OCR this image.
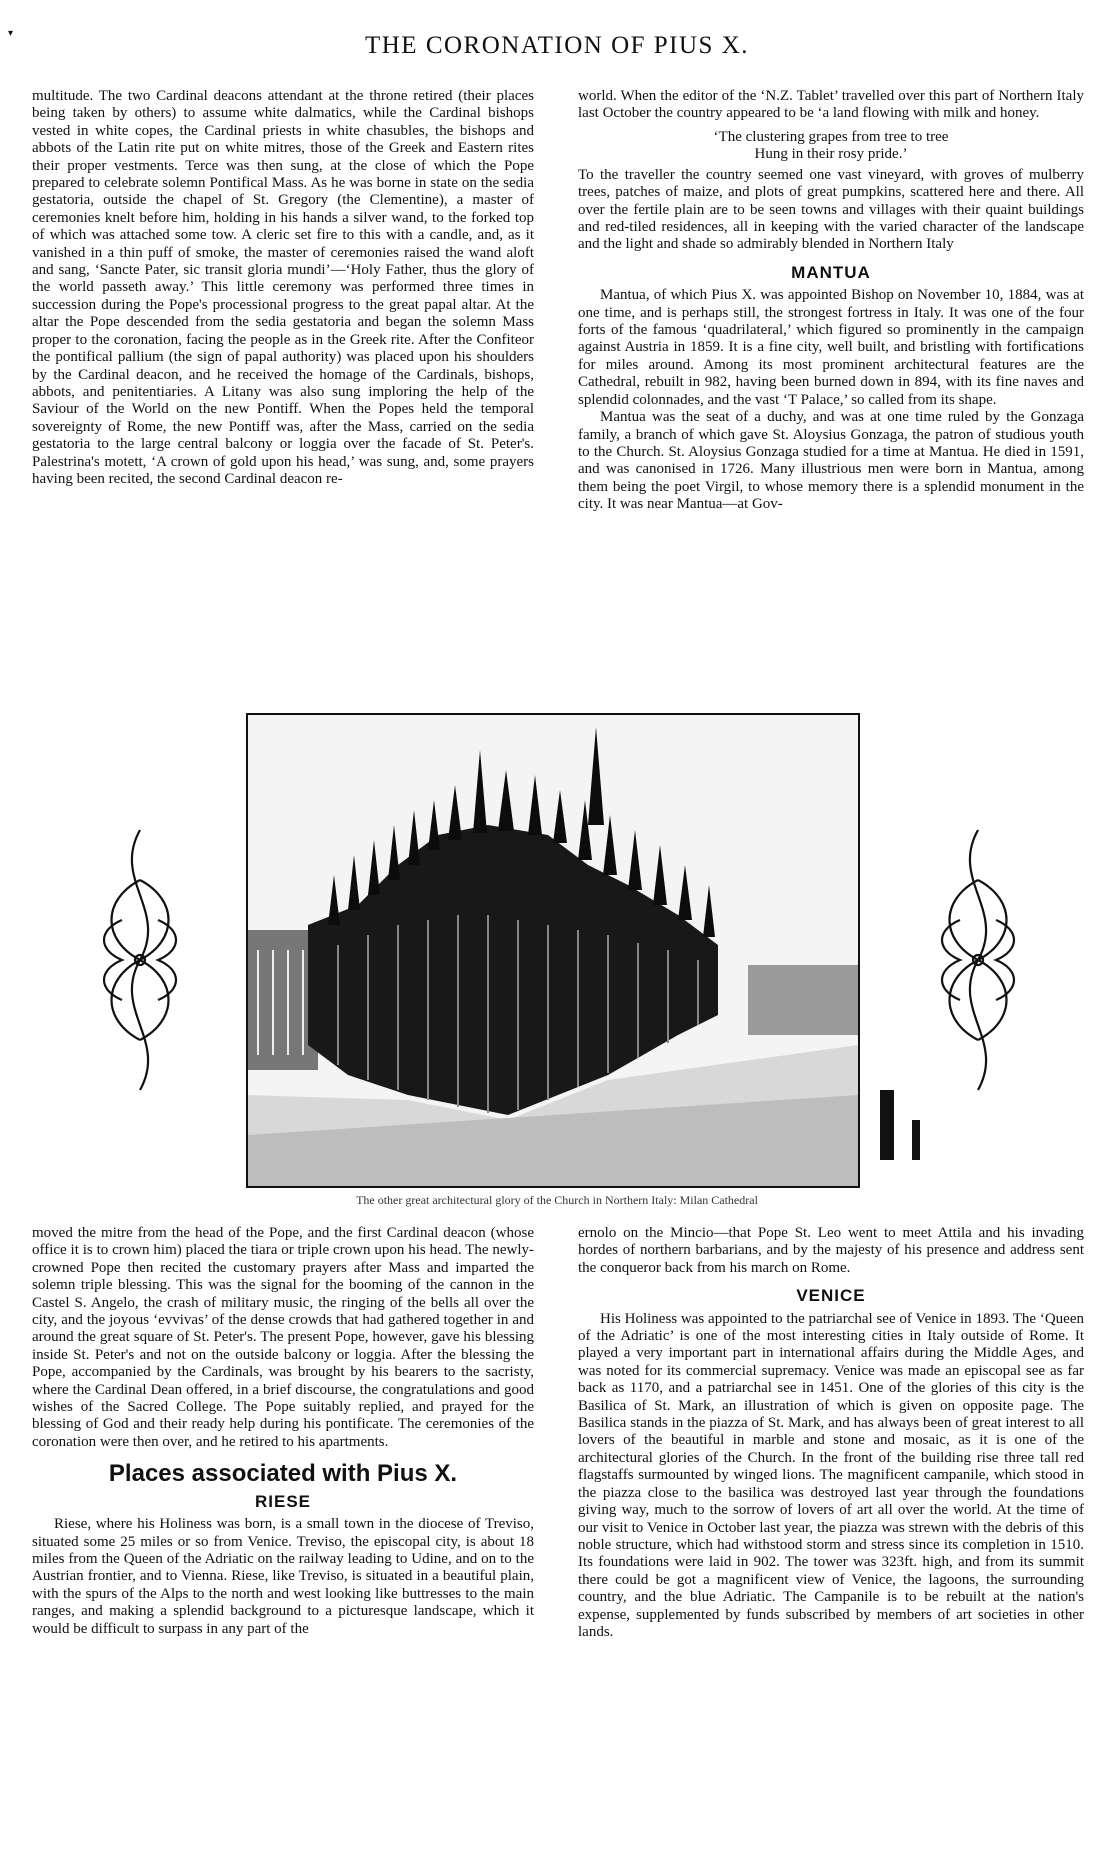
▾	THE CORONATION OF PIUS X.

multitude. The two Cardinal deacons attendant at the throne retired (their places being taken by others) to assume white dalmatics, while the Cardinal bishops vested in white copes, the Cardinal priests in white chasubles, the bishops and abbots of the Latin rite put on white mitres, those of the Greek and Eastern rites their proper vestments. Terce was then sung, at the close of which the Pope prepared to celebrate solemn Pontifical Mass. As he was borne in state on the sedia gestatoria, outside the chapel of St. Gregory (the Clementine), a master of ceremonies knelt before him, holding in his hands a silver wand, to the forked top of which was attached some tow. A cleric set fire to this with a candle, and, as it vanished in a thin puff of smoke, the master of ceremonies raised the wand aloft and sang, ‘Sancte Pater, sic transit gloria mundi’—‘Holy Father, thus the glory of the world passeth away.’ This little ceremony was performed three times in succession during the Pope's processional progress to the great papal altar. At the altar the Pope descended from the sedia gestatoria and began the solemn Mass proper to the coronation, facing the people as in the Greek rite. After the Confiteor the pontifical pallium (the sign of papal authority) was placed upon his shoulders by the Cardinal deacon, and he received the homage of the Cardinals, bishops, abbots, and penitentiaries. A Litany was also sung imploring the help of the Saviour of the World on the new Pontiff. When the Popes held the temporal sovereignty of Rome, the new Pontiff was, after the Mass, carried on the sedia gestatoria to the large central balcony or loggia over the facade of St. Peter's. Palestrina's motett, ‘A crown of gold upon his head,’ was sung, and, some prayers having been recited, the second Cardinal deacon re-

world. When the editor of the ‘N.Z. Tablet’ travelled over this part of Northern Italy last October the country appeared to be ‘a land flowing with milk and honey.

‘The clustering grapes from tree to tree
Hung in their rosy pride.’

To the traveller the country seemed one vast vineyard, with groves of mulberry trees, patches of maize, and plots of great pumpkins, scattered here and there. All over the fertile plain are to be seen towns and villages with their quaint buildings and red-tiled residences, all in keeping with the varied character of the landscape and the light and shade so admirably blended in Northern Italy

MANTUA

Mantua, of which Pius X. was appointed Bishop on November 10, 1884, was at one time, and is perhaps still, the strongest fortress in Italy. It was one of the four forts of the famous ‘quadrilateral,’ which figured so prominently in the campaign against Austria in 1859. It is a fine city, well built, and bristling with fortifications for miles around. Among its most prominent architectural features are the Cathedral, rebuilt in 982, having been burned down in 894, with its fine naves and splendid colonnades, and the vast ‘T Palace,’ so called from its shape.

Mantua was the seat of a duchy, and was at one time ruled by the Gonzaga family, a branch of which gave St. Aloysius Gonzaga, the patron of studious youth to the Church. St. Aloysius Gonzaga studied for a time at Mantua. He died in 1591, and was canonised in 1726. Many illustrious men were born in Mantua, among them being the poet Virgil, to whose memory there is a splendid monument in the city. It was near Mantua—at Gov-

The other great architectural glory of the Church in Northern Italy: Milan Cathedral

moved the mitre from the head of the Pope, and the first Cardinal deacon (whose office it is to crown him) placed the tiara or triple crown upon his head. The newly-crowned Pope then recited the customary prayers after Mass and imparted the solemn triple blessing. This was the signal for the booming of the cannon in the Castel S. Angelo, the crash of military music, the ringing of the bells all over the city, and the joyous ‘evvivas’ of the dense crowds that had gathered together in and around the great square of St. Peter's. The present Pope, however, gave his blessing inside St. Peter's and not on the outside balcony or loggia. After the blessing the Pope, accompanied by the Cardinals, was brought by his bearers to the sacristy, where the Cardinal Dean offered, in a brief discourse, the congratulations and good wishes of the Sacred College. The Pope suitably replied, and prayed for the blessing of God and their ready help during his pontificate. The ceremonies of the coronation were then over, and he retired to his apartments.

Places associated with Pius X.
RIESE

Riese, where his Holiness was born, is a small town in the diocese of Treviso, situated some 25 miles or so from Venice. Treviso, the episcopal city, is about 18 miles from the Queen of the Adriatic on the railway leading to Udine, and on to the Austrian frontier, and to Vienna. Riese, like Treviso, is situated in a beautiful plain, with the spurs of the Alps to the north and west looking like buttresses to the main ranges, and making a splendid background to a picturesque landscape, which it would be difficult to surpass in any part of the

ernolo on the Mincio—that Pope St. Leo went to meet Attila and his invading hordes of northern barbarians, and by the majesty of his presence and address sent the conqueror back from his march on Rome.

VENICE

His Holiness was appointed to the patriarchal see of Venice in 1893. The ‘Queen of the Adriatic’ is one of the most interesting cities in Italy outside of Rome. It played a very important part in international affairs during the Middle Ages, and was noted for its commercial supremacy. Venice was made an episcopal see as far back as 1170, and a patriarchal see in 1451. One of the glories of this city is the Basilica of St. Mark, an illustration of which is given on opposite page. The Basilica stands in the piazza of St. Mark, and has always been of great interest to all lovers of the beautiful in marble and stone and mosaic, as it is one of the architectural glories of the Church. In the front of the building rise three tall red flagstaffs surmounted by winged lions. The magnificent campanile, which stood in the piazza close to the basilica was destroyed last year through the foundations giving way, much to the sorrow of lovers of art all over the world. At the time of our visit to Venice in October last year, the piazza was strewn with the debris of this noble structure, which had withstood storm and stress since its completion in 1510. Its foundations were laid in 902. The tower was 323ft. high, and from its summit there could be got a magnificent view of Venice, the lagoons, the surrounding country, and the blue Adriatic. The Campanile is to be rebuilt at the nation's expense, supplemented by funds subscribed by members of art societies in other lands.
